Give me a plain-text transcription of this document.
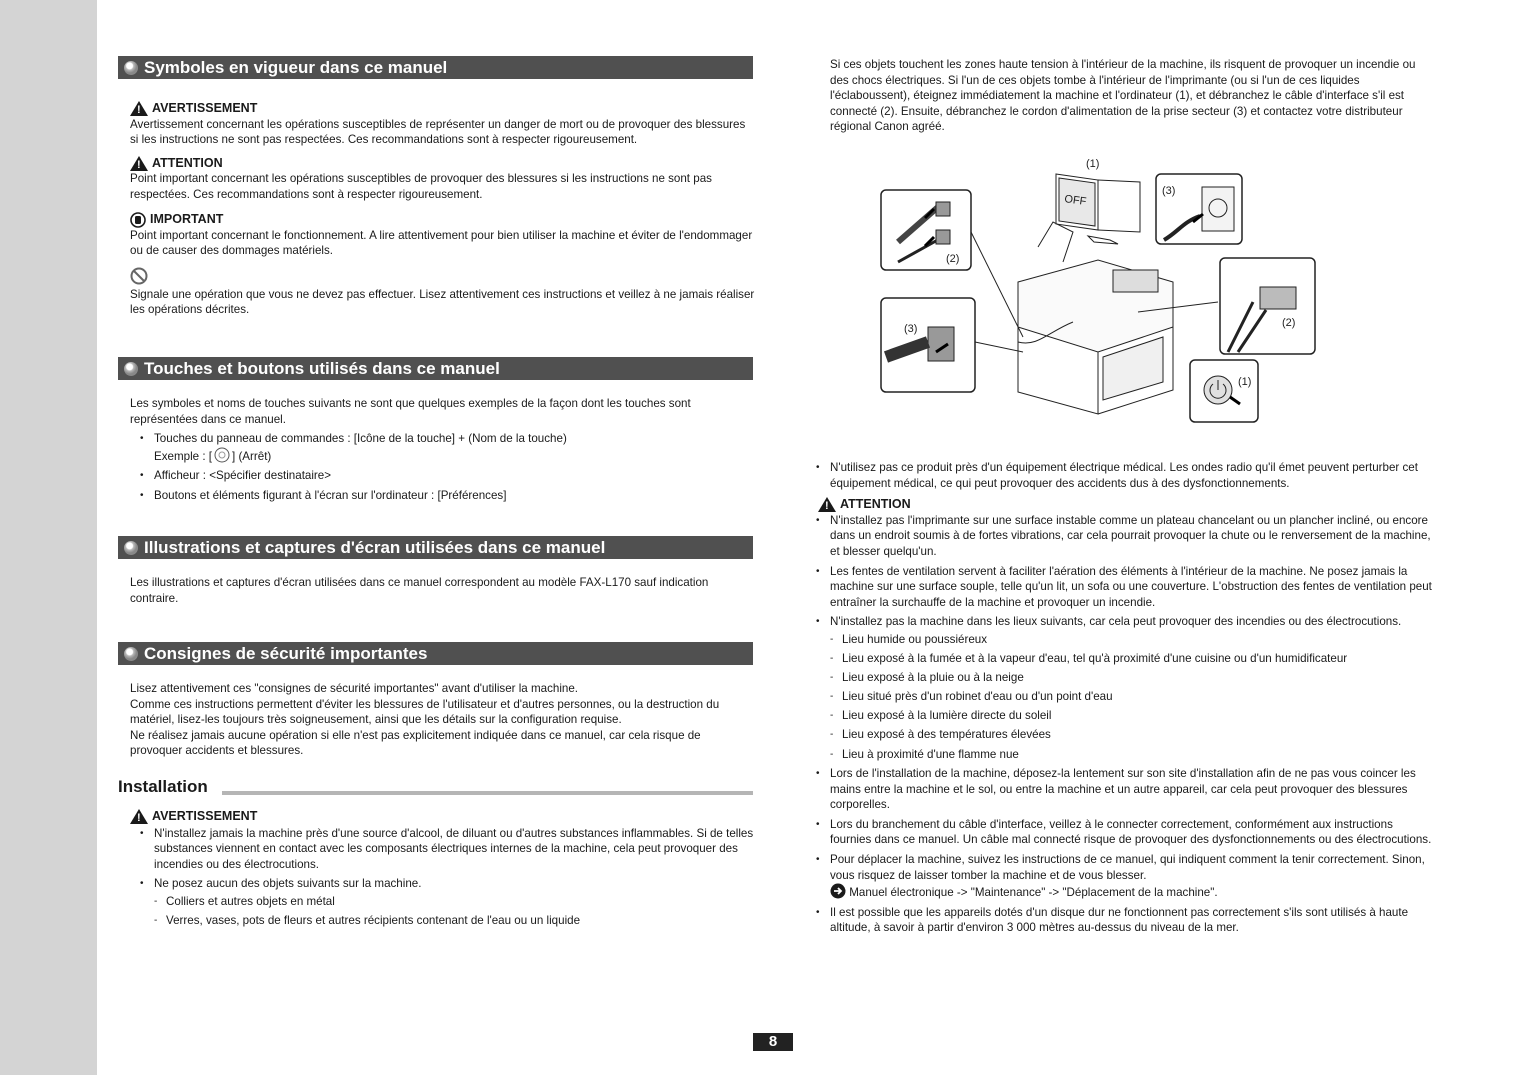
Symboles en vigueur dans ce manuel
!
AVERTISSEMENT
Avertissement concernant les opérations susceptibles de représenter un danger de mort ou de provoquer des blessures si les instructions ne sont pas respectées. Ces recommandations sont à respecter rigoureusement.
!
ATTENTION
Point important concernant les opérations susceptibles de provoquer des blessures si les instructions ne sont pas respectées. Ces recommandations sont à respecter rigoureusement.
IMPORTANT
Point important concernant le fonctionnement. A lire attentivement pour bien utiliser la machine et éviter de l'endommager ou de causer des dommages matériels.
Signale une opération que vous ne devez pas effectuer. Lisez attentivement ces instructions et veillez à ne jamais réaliser les opérations décrites.
Touches et boutons utilisés dans ce manuel
Les symboles et noms de touches suivants ne sont que quelques exemples de la façon dont les touches sont représentées dans ce manuel.
• Touches du panneau de commandes : [Icône de la touche] + (Nom de la touche)
Exemple : [ ] (Arrêt)
• Afficheur : <Spécifier destinataire>
• Boutons et éléments figurant à l'écran sur l'ordinateur : [Préférences]
Illustrations et captures d'écran utilisées dans ce manuel
Les illustrations et captures d'écran utilisées dans ce manuel correspondent au modèle FAX-L170 sauf indication contraire.
Consignes de sécurité importantes
Lisez attentivement ces "consignes de sécurité importantes" avant d'utiliser la machine.
Comme ces instructions permettent d'éviter les blessures de l'utilisateur et d'autres personnes, ou la destruction du matériel, lisez-les toujours très soigneusement, ainsi que les détails sur la configuration requise.
Ne réalisez jamais aucune opération si elle n'est pas explicitement indiquée dans ce manuel, car cela risque de provoquer accidents et blessures.
Installation
!
AVERTISSEMENT
• N'installez jamais la machine près d'une source d'alcool, de diluant ou d'autres substances inflammables. Si de telles substances viennent en contact avec les composants électriques internes de la machine, cela peut provoquer des incendies ou des électrocutions.
• Ne posez aucun des objets suivants sur la machine.
- Colliers et autres objets en métal
- Verres, vases, pots de fleurs et autres récipients contenant de l'eau ou un liquide
Si ces objets touchent les zones haute tension à l'intérieur de la machine, ils risquent de provoquer un incendie ou des chocs électriques. Si l'un de ces objets tombe à l'intérieur de l'imprimante (ou si l'un de ces liquides l'éclaboussent), éteignez immédiatement la machine et l'ordinateur (1), et débranchez le câble d'interface s'il est connecté (2). Ensuite, débranchez le cordon d'alimentation de la prise secteur (3) et contactez votre distributeur régional Canon agréé.
(1)
(3)
(2)
(3)	(2)
(1)
OFF
• N'utilisez pas ce produit près d'un équipement électrique médical. Les ondes radio qu'il émet peuvent perturber cet équipement médical, ce qui peut provoquer des accidents dus à des dysfonctionnements.
!
ATTENTION
• N'installez pas l'imprimante sur une surface instable comme un plateau chancelant ou un plancher incliné, ou encore dans un endroit soumis à de fortes vibrations, car cela pourrait provoquer la chute ou le renversement de la machine, et blesser quelqu'un.
• Les fentes de ventilation servent à faciliter l'aération des éléments à l'intérieur de la machine. Ne posez jamais la machine sur une surface souple, telle qu'un lit, un sofa ou une couverture. L'obstruction des fentes de ventilation peut entraîner la surchauffe de la machine et provoquer un incendie.
• N'installez pas la machine dans les lieux suivants, car cela peut provoquer des incendies ou des électrocutions.
- Lieu humide ou poussiéreux
- Lieu exposé à la fumée et à la vapeur d'eau, tel qu'à proximité d'une cuisine ou d'un humidificateur
- Lieu exposé à la pluie ou à la neige
- Lieu situé près d'un robinet d'eau ou d'un point d'eau
- Lieu exposé à la lumière directe du soleil
- Lieu exposé à des températures élevées
- Lieu à proximité d'une flamme nue
• Lors de l'installation de la machine, déposez-la lentement sur son site d'installation afin de ne pas vous coincer les mains entre la machine et le sol, ou entre la machine et un autre appareil, car cela peut provoquer des blessures corporelles.
• Lors du branchement du câble d'interface, veillez à le connecter correctement, conformément aux instructions fournies dans ce manuel. Un câble mal connecté risque de provoquer des dysfonctionnements ou des électrocutions.
• Pour déplacer la machine, suivez les instructions de ce manuel, qui indiquent comment la tenir correctement. Sinon, vous risquez de laisser tomber la machine et de vous blesser.
Manuel électronique -> "Maintenance" -> "Déplacement de la machine".
• Il est possible que les appareils dotés d'un disque dur ne fonctionnent pas correctement s'ils sont utilisés à haute altitude, à savoir à partir d'environ 3 000 mètres au-dessus du niveau de la mer.
8
